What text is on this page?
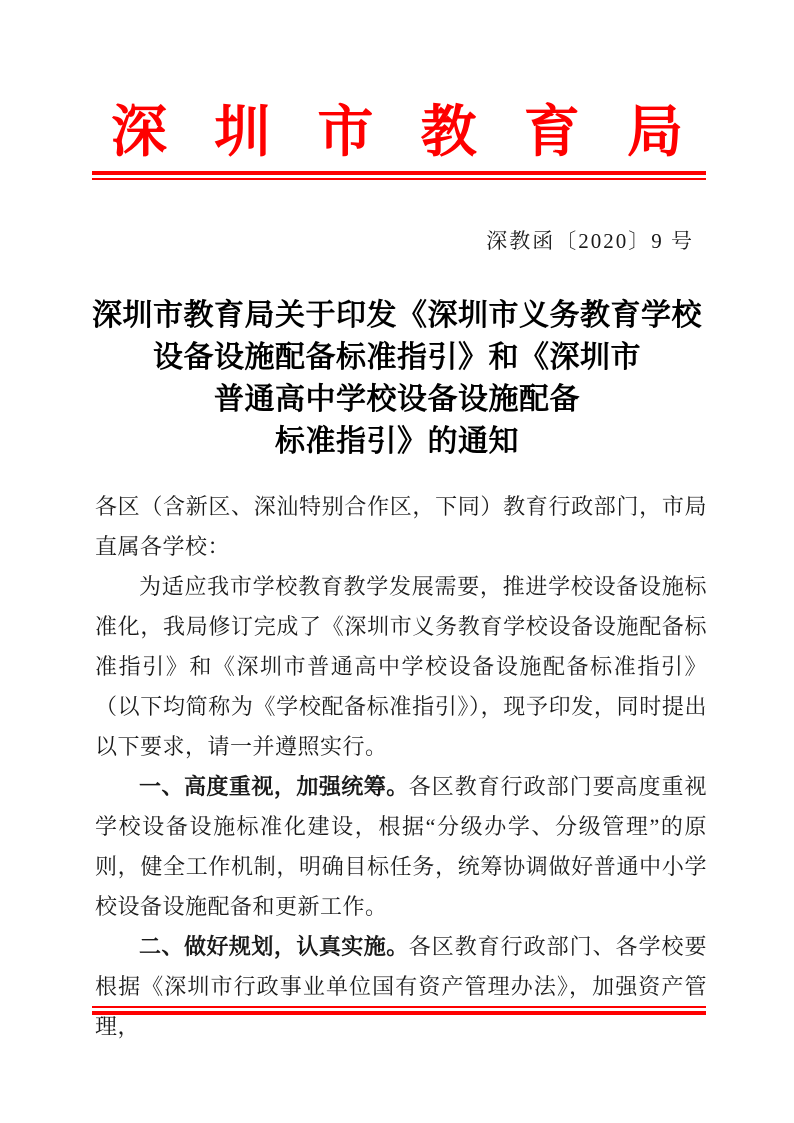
深圳市教育局
深教函〔2020〕9 号
深圳市教育局关于印发《深圳市义务教育学校
设备设施配备标准指引》和《深圳市
普通高中学校设备设施配备
标准指引》的通知

各区（含新区、深汕特别合作区，下同）教育行政部门，市局直属各学校：

为适应我市学校教育教学发展需要，推进学校设备设施标准化，我局修订完成了《深圳市义务教育学校设备设施配备标准指引》和《深圳市普通高中学校设备设施配备标准指引》（以下均简称为《学校配备标准指引》），现予印发，同时提出以下要求，请一并遵照实行。

一、高度重视，加强统筹。各区教育行政部门要高度重视学校设备设施标准化建设，根据“分级办学、分级管理”的原则，健全工作机制，明确目标任务，统筹协调做好普通中小学校设备设施配备和更新工作。

二、做好规划，认真实施。各区教育行政部门、各学校要根据《深圳市行政事业单位国有资产管理办法》，加强资产管理，
